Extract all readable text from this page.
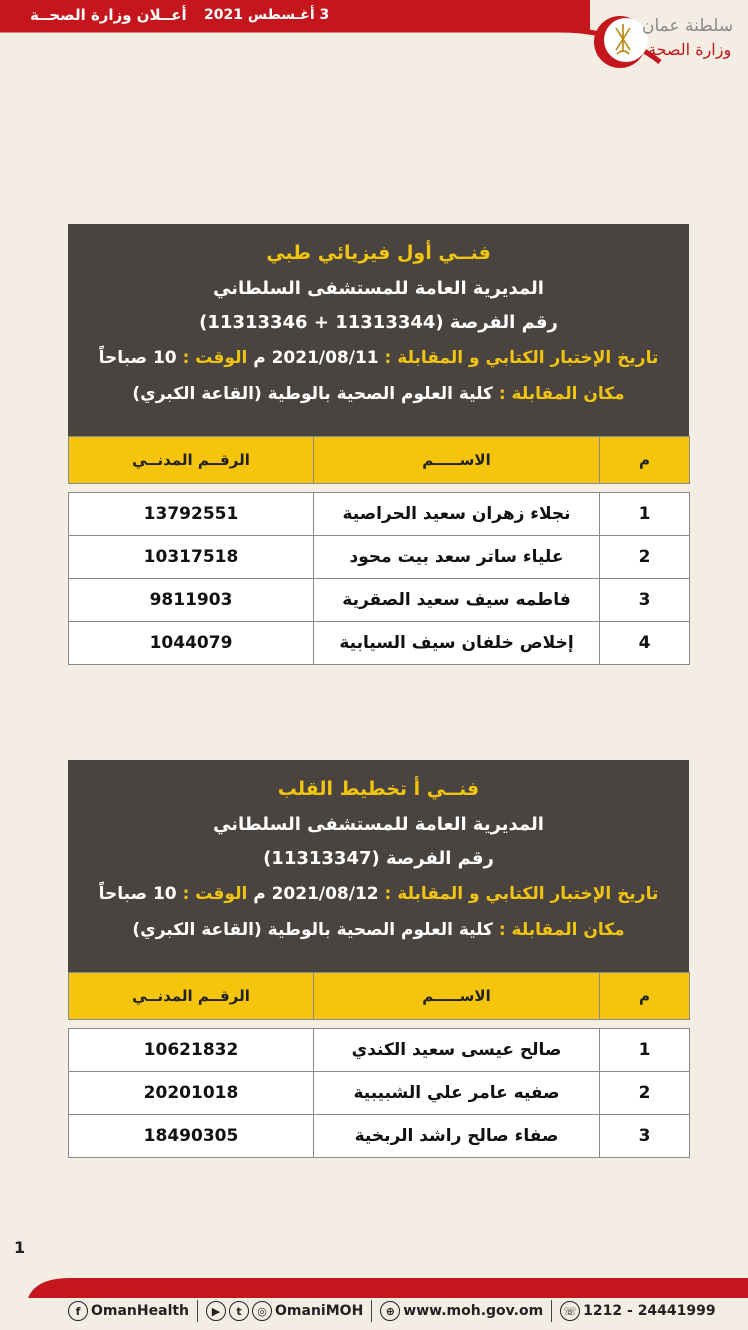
أعــلان وزارة الصحــة 3 أغـسطس 2021
سلطنة عمان
وزارة الصحة
فنــي أول فيزيائي طبي
المديرية العامة للمستشفى السلطاني
رقم الفرصة (11313344 + 11313346)
تاريخ الإختبار الكتابي و المقابلة : 2021/08/11 م الوقت : 10 صباحاً
مكان المقابلة : كلية العلوم الصحية بالوطية (القاعة الكبري)
م	الاســـــم	الرقــم المدنــي

1	نجلاء زهران سعيد الحراصية	13792551
2	علياء ساتر سعد بيت محود	10317518
3	فاطمه سيف سعيد الصقرية	9811903
4	إخلاص خلفان سيف السيابية	1044079
فنــي أ تخطيط القلب
المديرية العامة للمستشفى السلطاني
رقم الفرصة (11313347)
تاريخ الإختبار الكتابي و المقابلة : 2021/08/12 م الوقت : 10 صباحاً
مكان المقابلة : كلية العلوم الصحية بالوطية (القاعة الكبري)
م	الاســـــم	الرقــم المدنــي

1	صالح عيسى سعيد الكندي	10621832
2	صفيه عامر علي الشبيبية	20201018
3	صفاء صالح راشد الربخية	18490305
1
f OmanHealth	▶	t	◎ OmaniMOH	⊕ www.moh.gov.om ☏ 1212 - 24441999
